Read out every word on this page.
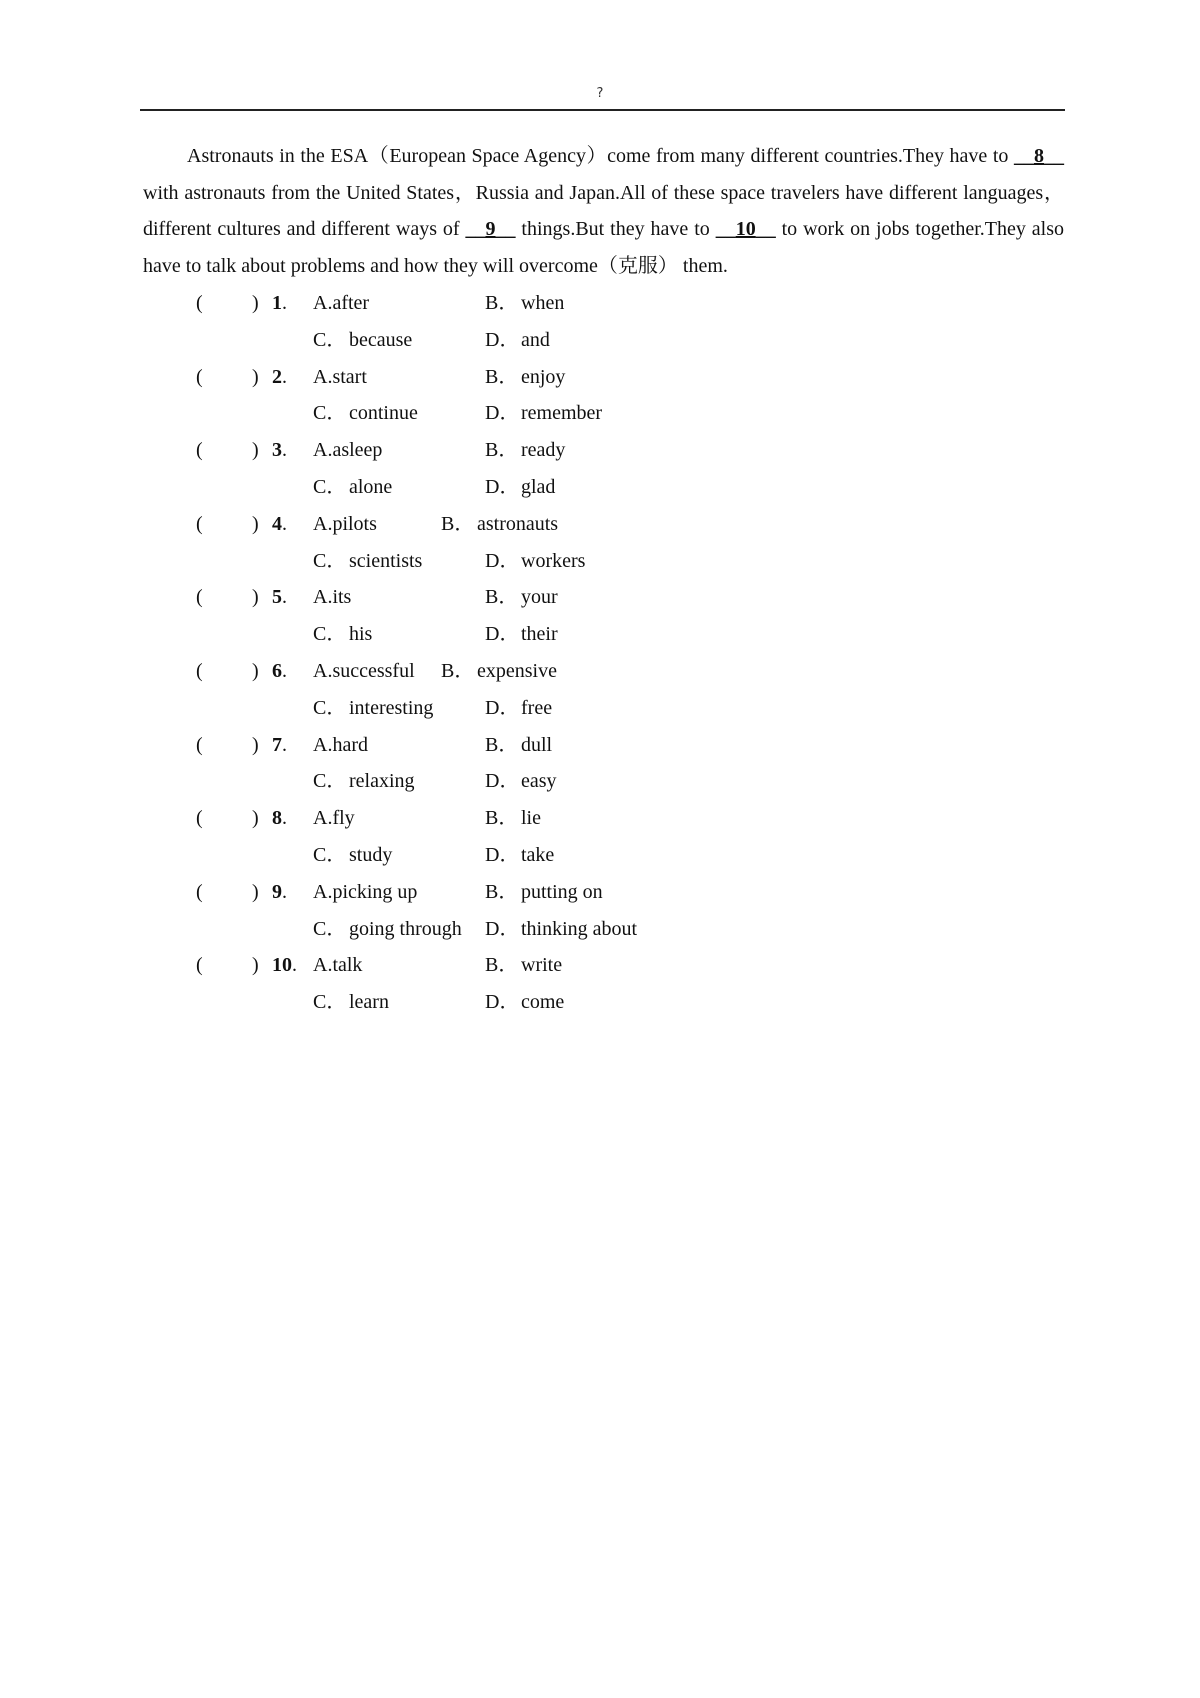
?

Astronauts in the ESA（European Space Agency）come from many different countries.They have to __8__ with astronauts from the United States，Russia and Japan.All of these space travelers have different languages，different cultures and different ways of __9__ things.But they have to __10__ to work on jobs together.They also have to talk about problems and how they will overcome（克服） them.

( ) 1. A.after	B． when
C． because	D．and
( ) 2. A.start	B． enjoy
C． continue	D．remember
( ) 3. A.asleep	B． ready
C． alone	D．glad
( ) 4. A.pilots	B． astronauts
C． scientists	D．workers
( ) 5. A.its	B． your
C． his	D．their
( ) 6. A.successful B． expensive
C． interesting	D．free
( ) 7. A.hard	B． dull
C． relaxing	D．easy
( ) 8. A.fly	B． lie
C． study	D．take
( ) 9. A.picking up	B． putting on
C． going through D．thinking about
( ) 10. A.talk	B． write
C． learn	D．come
